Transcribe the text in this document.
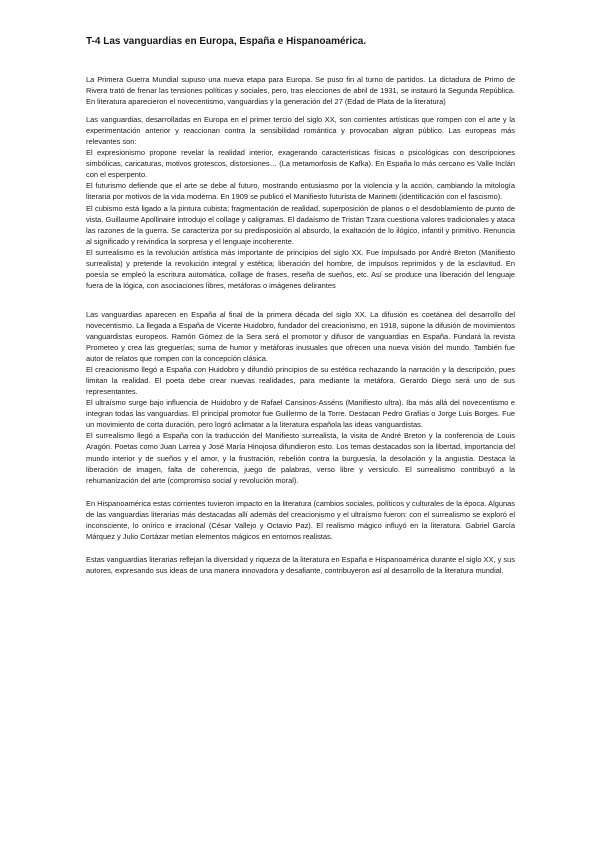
T-4 Las vanguardias en Europa, España e Hispanoamérica.

La Primera Guerra Mundial supuso una nueva etapa para Europa. Se puso fin al turno de partidos. La dictadura de Primo de Rivera trató de frenar las tensiones políticas y sociales, pero, tras elecciones de abril de 1931, se instauró la Segunda República. En literatura aparecieron el novecentismo, vanguardias y la generación del 27 (Edad de Plata de la literatura)

Las vanguardias, desarrolladas en Europa en el primer tercio del siglo XX, son corrientes artísticas que rompen con el arte y la experimentación anterior y reaccionan contra la sensibilidad romántica y provocaban algran público. Las europeas más relevantes son:

El expresionismo propone revelar la realidad interior, exagerando características físicas o psicológicas con descripciones simbólicas, caricaturas, motivos grotescos, distorsiones… (La metamorfosis de Kafka). En España lo más cercano es Valle Inclán con el esperpento.

El futurismo defiende que el arte se debe al futuro, mostrando entusiasmo por la violencia y la acción, cambiando la mitología literaria por motivos de la vida moderna. En 1909 se publicó el Manifiesto futurista de Marinetti (identificación con el fascismo).

El cubismo está ligado a la pintura cubista; fragmentación de realidad, superposición de planos o el desdoblamiento de punto de vista. Guillaume Apollinaire introdujo el collage y caligramas. El dadaísmo de Tristan Tzara cuestiona valores tradicionales y ataca las razones de la guerra. Se caracteriza por su predisposición al absurdo, la exaltación de lo ilógico, infantil y primitivo. Renuncia al significado y reivindica la sorpresa y el lenguaje incoherente.

El surrealismo es la revolución artística más importante de principios del siglo XX. Fue impulsado por André Breton (Manifiesto surrealista) y pretende la revolución integral y estética; liberación del hombre, de impulsos reprimidos y de la esclavitud. En poesía se empleó la escritura automática, collage de frases, reseña de sueños, etc. Así se produce una liberación del lenguaje fuera de la lógica, con asociaciones libres, metáforas o imágenes delirantes

Las vanguardias aparecen en España al final de la primera década del siglo XX. La difusión es coetánea del desarrollo del novecentismo. La llegada a España de Vicente Huidobro, fundador del creacionismo, en 1918, supone la difusión de movimientos vanguardistas europeos. Ramón Gómez de la Sera será el promotor y difusor de vanguardias en España. Fundará la revista Prometeo y crea las greguerías; suma de humor y metáforas inusuales que ofrecen una nueva visión del mundo. También fue autor de relatos que rompen con la concepción clásica.

El creacionismo llegó a España con Huidobro y difundió principios de su estética rechazando la narración y la descripción, pues limitan la realidad. El poeta debe crear nuevas realidades, para mediante la metáfora. Gerardo Diego será uno de sus representantes.

El ultraísmo surge bajo influencia de Huidobro y de Rafael Cansinos-Asséns (Manifiesto ultra). Iba más allá del novecentismo e integran todas las vanguardias. El principal promotor fue Guillermo de la Torre. Destacan Pedro Grafías o Jorge Luis Borges. Fue un movimiento de corta duración, pero logró aclimatar a la literatura española las ideas vanguardistas.

El surrealismo llegó a España con la traducción del Manifiesto surrealista, la visita de André Breton y la conferencia de Louis Aragón. Poetas como Juan Larrea y José María Hinojosa difundieron esto. Los temas destacados son la libertad, importancia del mundo interior y de sueños y el amor, y la frustración, rebelión contra la burguesía, la desolación y la angustia. Destaca la liberación de imagen, falta de coherencia, juego de palabras, verso libre y versículo. El surrealismo contribuyó a la rehumanización del arte (compromiso social y revolución moral).

En Hispanoamérica estas corrientes tuvieron impacto en la literatura (cambios sociales, políticos y culturales de la época. Algunas de las vanguardias literarias más destacadas allí además del creacionismo y el ultraísmo fueron: con el surrealismo se exploró el inconsciente, lo onírico e irracional (César Vallejo y Octavio Paz). El realismo mágico influyó en la literatura. Gabriel García Márquez y Julio Cortázar metían elementos mágicos en entornos realistas.

Estas vanguardias literarias reflejan la diversidad y riqueza de la literatura en España e Hispanoamérica durante el siglo XX, y sus autores, expresando sus ideas de una manera innovadora y desafiante, contribuyeron así al desarrollo de la literatura mundial.
